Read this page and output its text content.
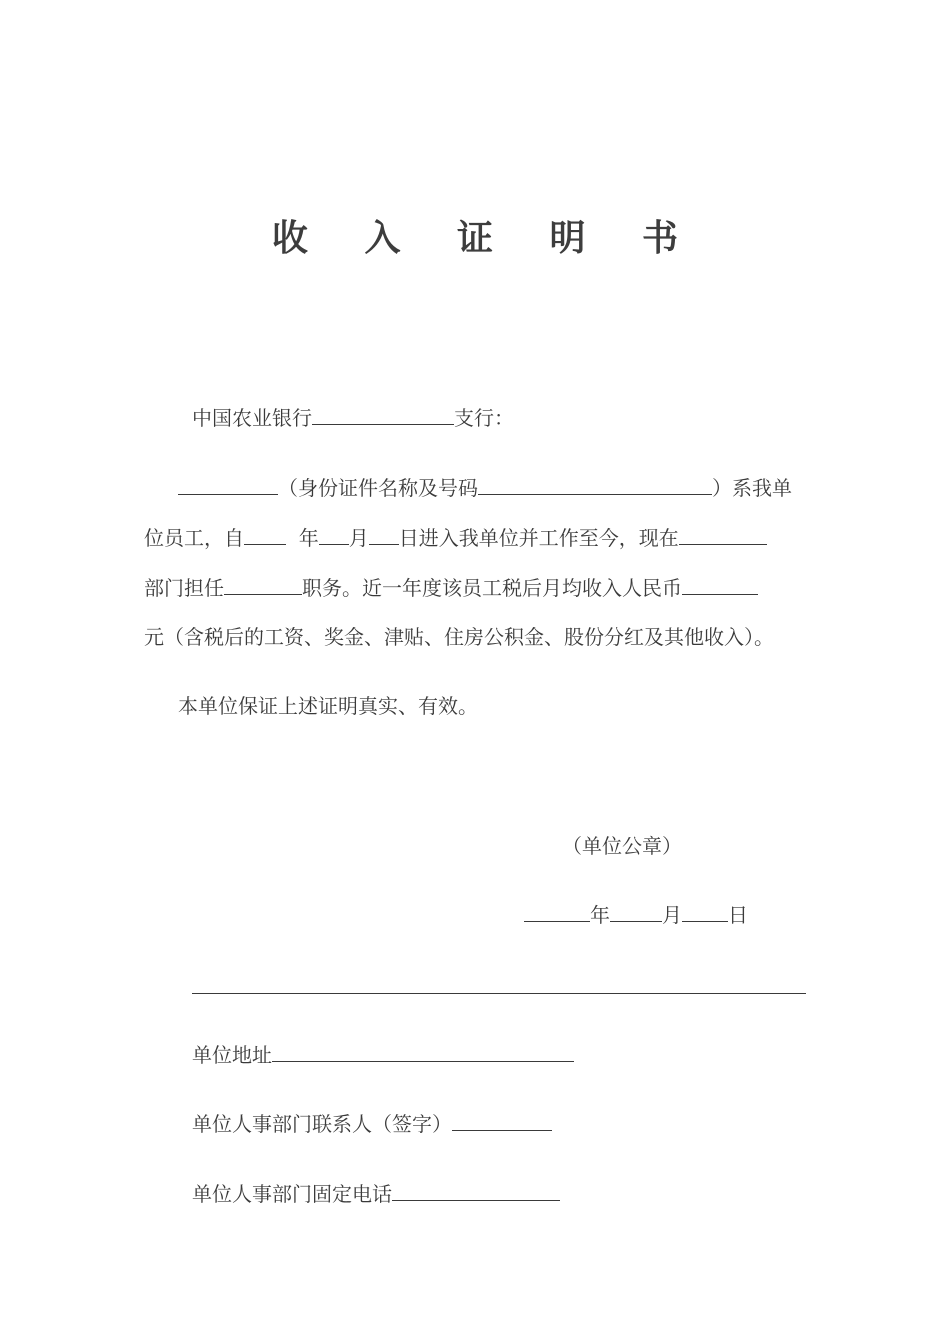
收 入 证 明 书
中国农业银行	支行：
（身份证件名称及号码	）系我单
位员工，自	年 月 日进入我单位并工作至今，现在
部门担任	职务。近一年度该员工税后月均收入人民币
元（含税后的工资、奖金、津贴、住房公积金、股份分红及其他收入）。
本单位保证上述证明真实、有效。
（单位公章）
年	月 日
单位地址
单位人事部门联系人（签字）
单位人事部门固定电话
